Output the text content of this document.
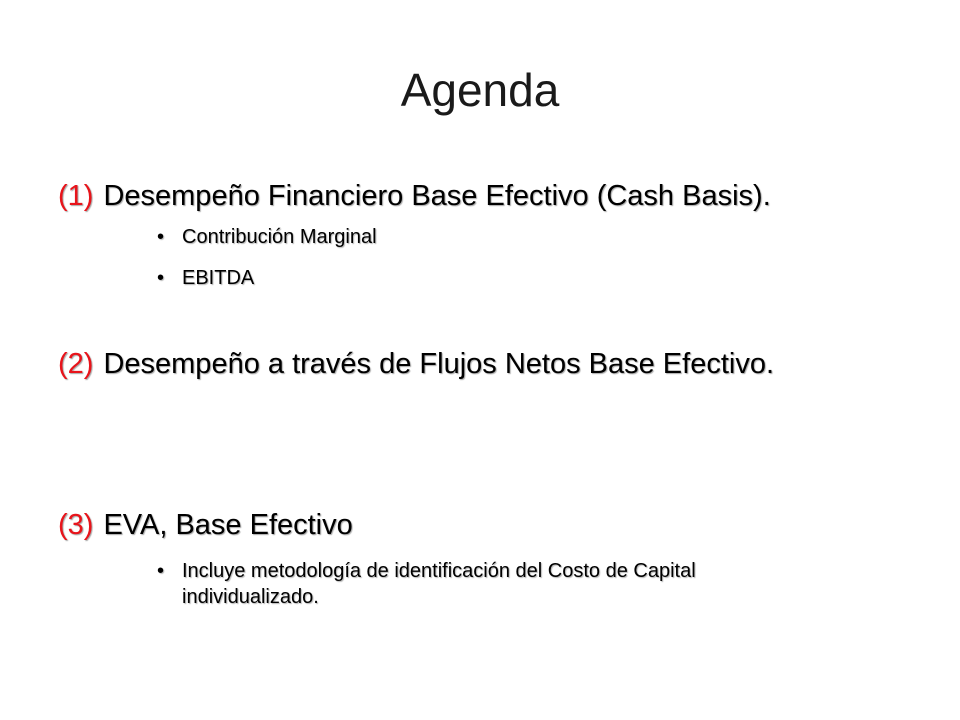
Agenda
(1) Desempeño Financiero Base Efectivo (Cash Basis).
• Contribución Marginal
• EBITDA
(2) Desempeño a través de Flujos Netos Base Efectivo.
(3) EVA, Base Efectivo
• Incluye metodología de identificación del Costo de Capital individualizado.
